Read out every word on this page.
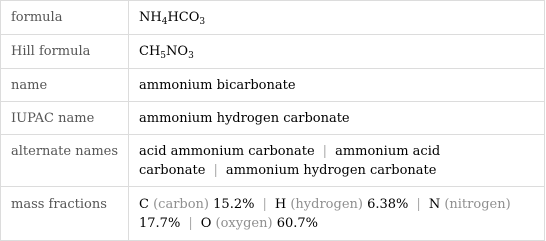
formula	$NH_4HCO_3$
Hill formula	$CH_5NO_3$
name	ammonium bicarbonate
IUPAC name	ammonium hydrogen carbonate
alternate names	acid ammonium carbonate | ammonium acid
carbonate | ammonium hydrogen carbonate
mass fractions	C (carbon) 15.2% | H (hydrogen) 6.38% | N (nitrogen)
17.7% | O (oxygen) 60.7%
